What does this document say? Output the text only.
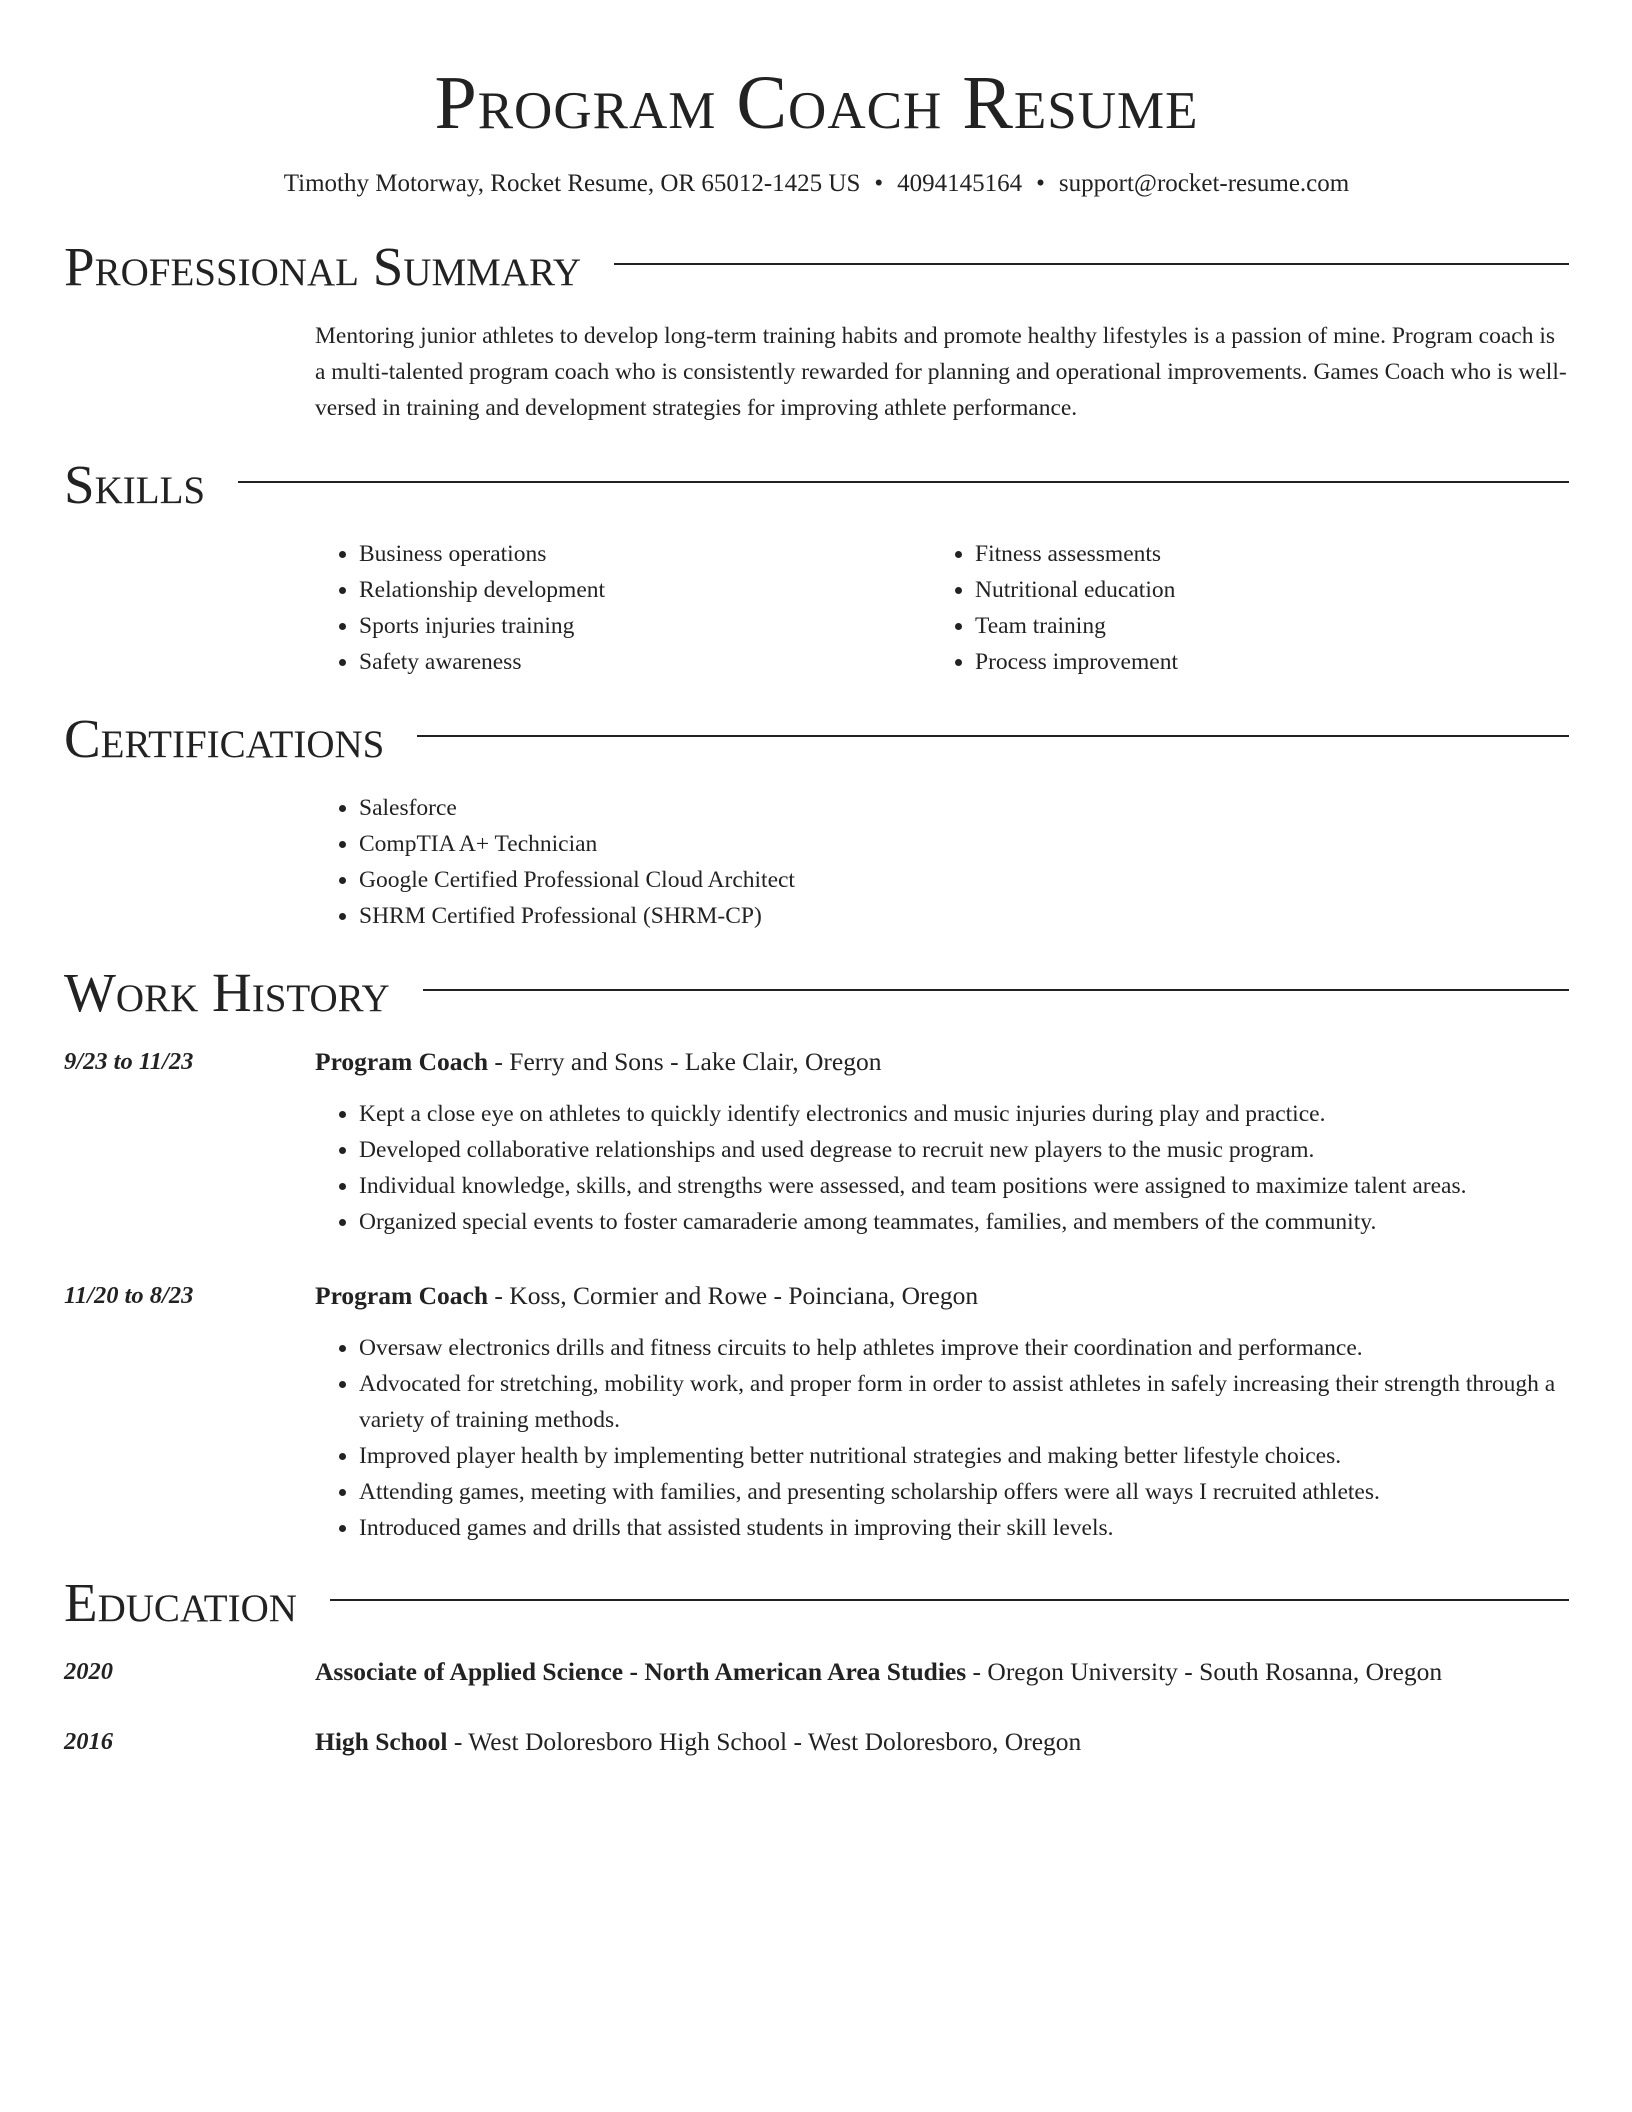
Program Coach Resume
Timothy Motorway, Rocket Resume, OR 65012-1425 US • 4094145164 • support@rocket-resume.com
Professional Summary
Mentoring junior athletes to develop long-term training habits and promote healthy lifestyles is a passion of mine. Program coach is a multi-talented program coach who is consistently rewarded for planning and operational improvements. Games Coach who is well-versed in training and development strategies for improving athlete performance.
Skills
• Business operations
• Relationship development
• Sports injuries training
• Safety awareness
• Fitness assessments
• Nutritional education
• Team training
• Process improvement
Certifications
• Salesforce
• CompTIA A+ Technician
• Google Certified Professional Cloud Architect
• SHRM Certified Professional (SHRM-CP)
Work History
9/23 to 11/23	Program Coach - Ferry and Sons - Lake Clair, Oregon
• Kept a close eye on athletes to quickly identify electronics and music injuries during play and practice.
• Developed collaborative relationships and used degrease to recruit new players to the music program.
• Individual knowledge, skills, and strengths were assessed, and team positions were assigned to maximize talent areas.
• Organized special events to foster camaraderie among teammates, families, and members of the community.
11/20 to 8/23	Program Coach - Koss, Cormier and Rowe - Poinciana, Oregon
• Oversaw electronics drills and fitness circuits to help athletes improve their coordination and performance.
• Advocated for stretching, mobility work, and proper form in order to assist athletes in safely increasing their strength through a variety of training methods.
• Improved player health by implementing better nutritional strategies and making better lifestyle choices.
• Attending games, meeting with families, and presenting scholarship offers were all ways I recruited athletes.
• Introduced games and drills that assisted students in improving their skill levels.
Education
2020	Associate of Applied Science - North American Area Studies - Oregon University - South Rosanna, Oregon
2016	High School - West Doloresboro High School - West Doloresboro, Oregon
